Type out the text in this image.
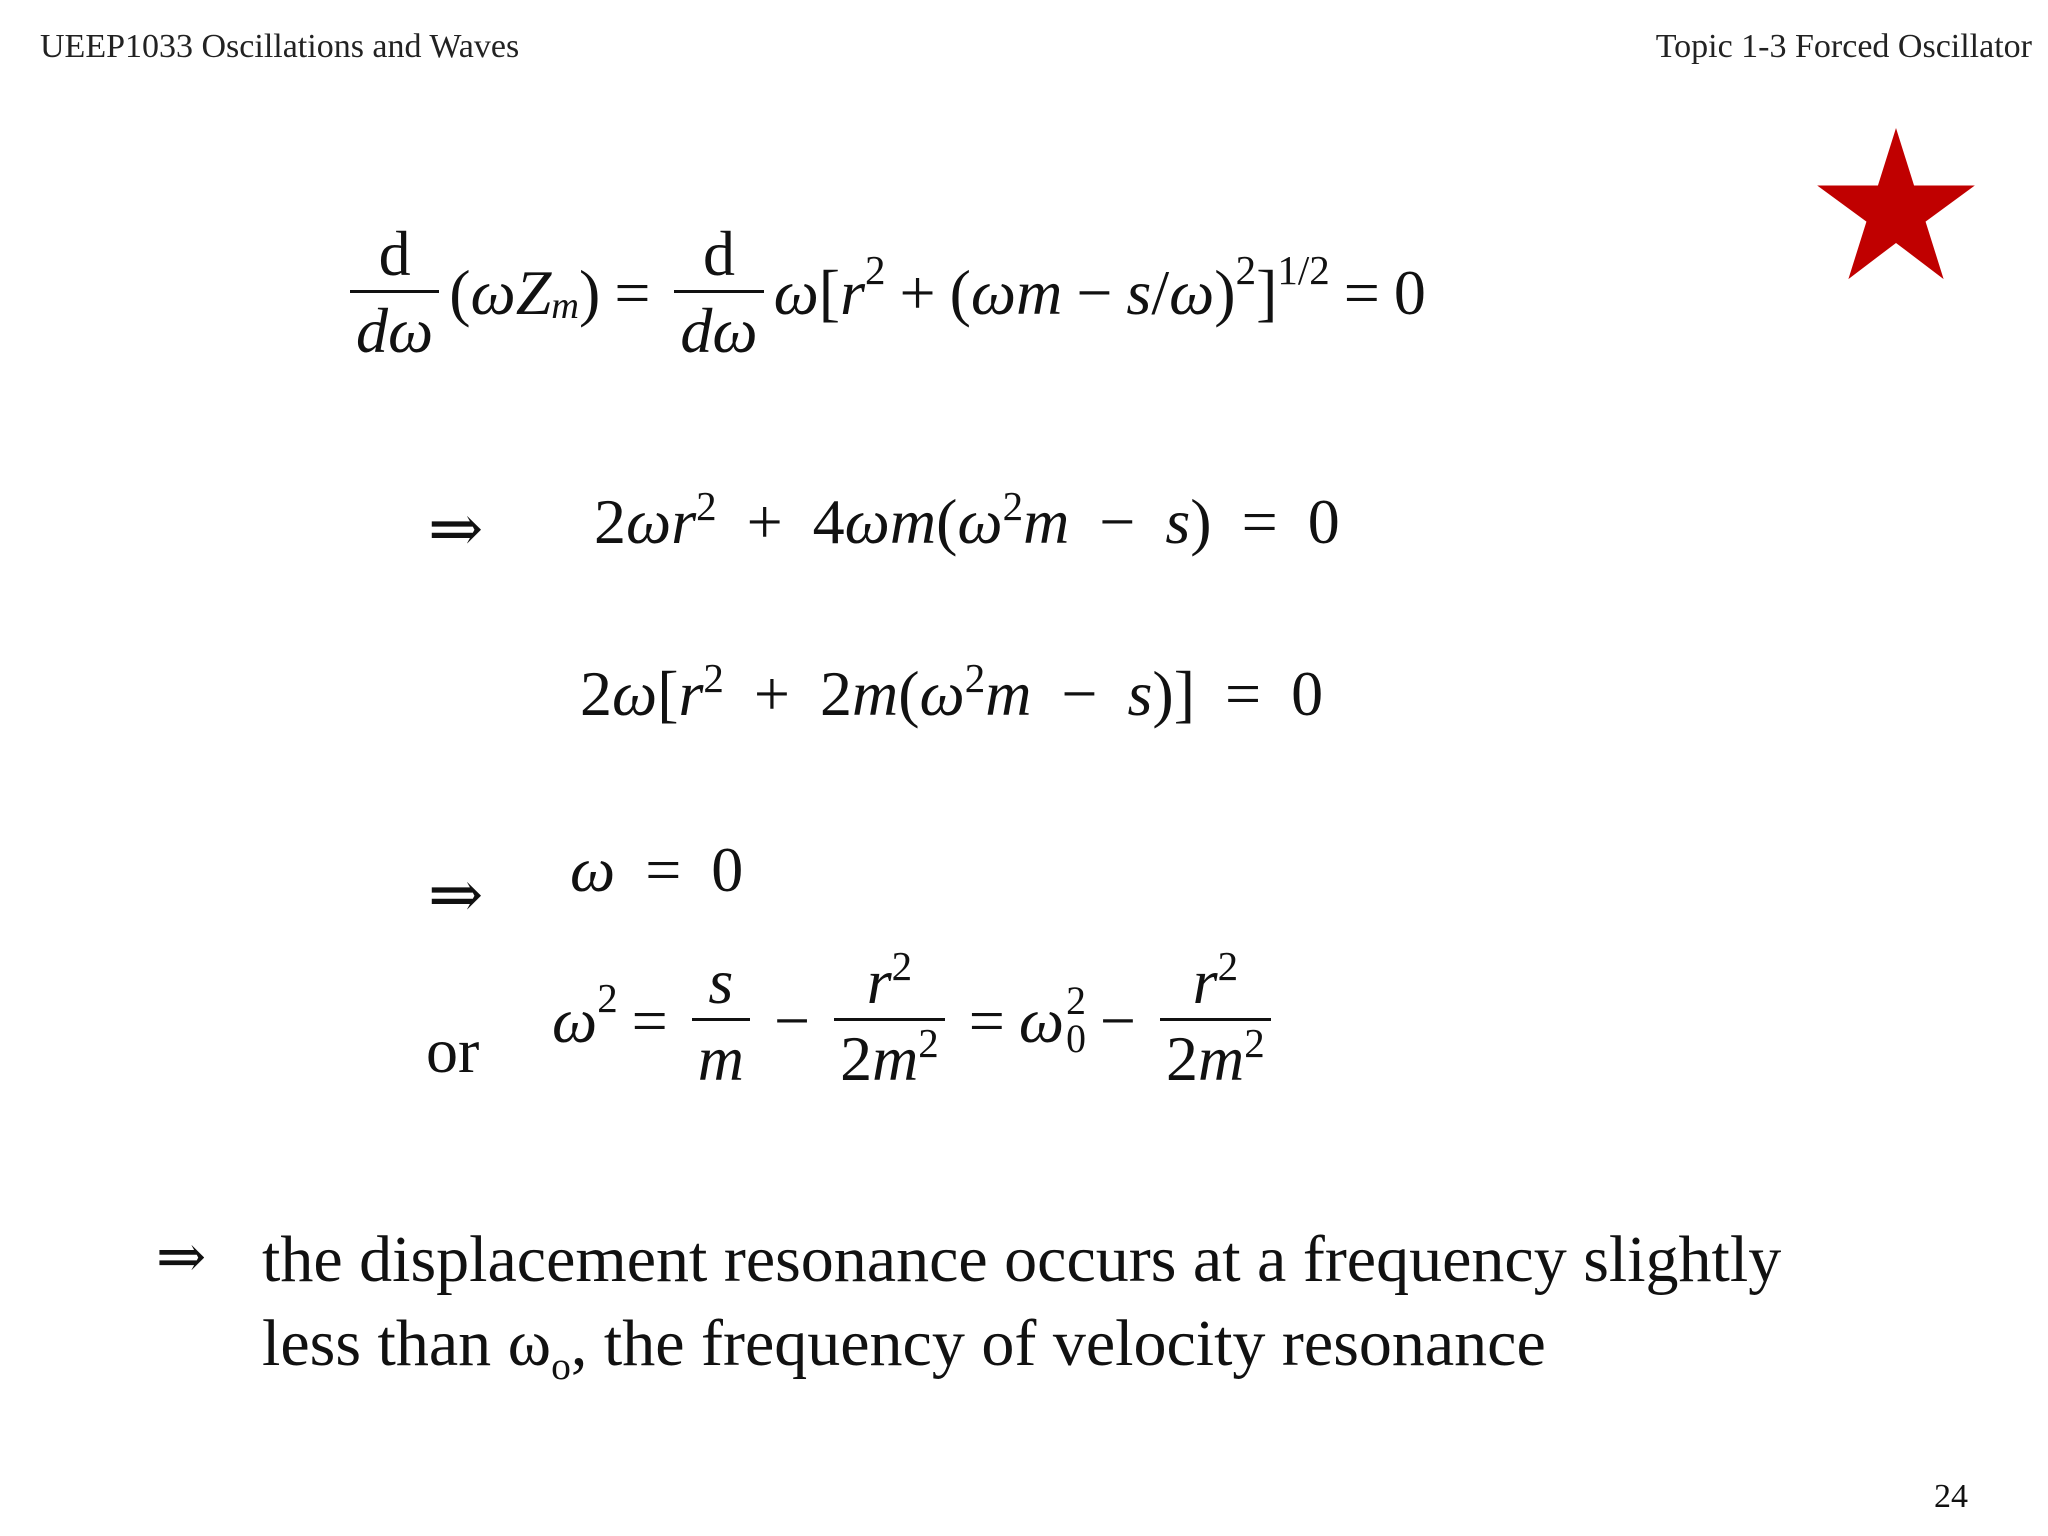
UEEP1033 Oscillations and Waves	Topic 1-3 Forced Oscillator
$\frac{d}{d\omega}$ ( ω $Z_m$ ) = $\frac{d}{d\omega}$ ω [ $r^2$ + ( ω m − s / ω )$^2$ ]$^{1/2}$ = 0
⇒ $2\omega r^2 + 4\omega m(\omega^2m - s) = 0$
$2\omega[r^2 + 2m(\omega^2m - s)] = 0$
⇒ ω = 0
or $\omega^2 = \frac{s}{m} - \frac{r^2}{2m^2} = \omega$ 2
$0 - \frac{r^2}{2m^2}$
⇒ the displacement resonance occurs at a frequency slightly
less than $\omega_o$, the frequency of velocity resonance
24
